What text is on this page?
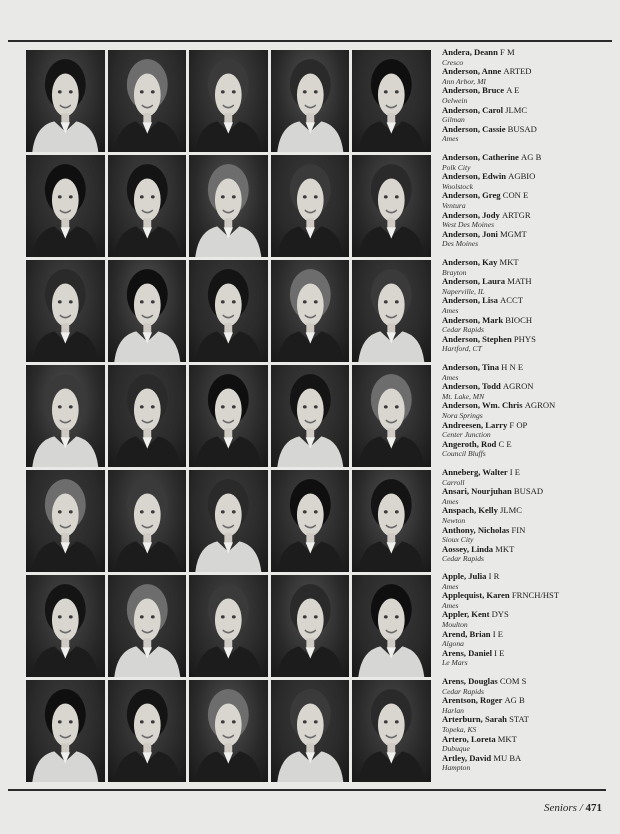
Andera, Deann F M
Cresco
Anderson, Anne ARTED
Ann Arbor, MI
Anderson, Bruce A E
Oelwein
Anderson, Carol JLMC
Gilman
Anderson, Cassie BUSAD
Ames
Anderson, Catherine AG B
Polk City
Anderson, Edwin AGBIO
Woolstock
Anderson, Greg CON E
Ventura
Anderson, Jody ARTGR
West Des Moines
Anderson, Joni MGMT
Des Moines
Anderson, Kay MKT
Brayton
Anderson, Laura MATH
Naperville, IL
Anderson, Lisa ACCT
Ames
Anderson, Mark BIOCH
Cedar Rapids
Anderson, Stephen PHYS
Hartford, CT
Anderson, Tina H N E
Ames
Anderson, Todd AGRON
Mt. Lake, MN
Anderson, Wm. Chris AGRON
Nora Springs
Andreesen, Larry F OP
Center Junction
Angeroth, Rod C E
Council Bluffs
Anneberg, Walter I E
Carroll
Ansari, Nourjuhan BUSAD
Ames
Anspach, Kelly JLMC
Newton
Anthony, Nicholas FIN
Sioux City
Aossey, Linda MKT
Cedar Rapids
Apple, Julia I R
Ames
Applequist, Karen FRNCH/HST
Ames
Appler, Kent DYS
Moulton
Arend, Brian I E
Algona
Arens, Daniel I E
Le Mars
Arens, Douglas COM S
Cedar Rapids
Arentson, Roger AG B
Harlan
Arterburn, Sarah STAT
Topeka, KS
Artero, Loreta MKT
Dubuque
Artley, David MU BA
Hampton
Seniors / 471
